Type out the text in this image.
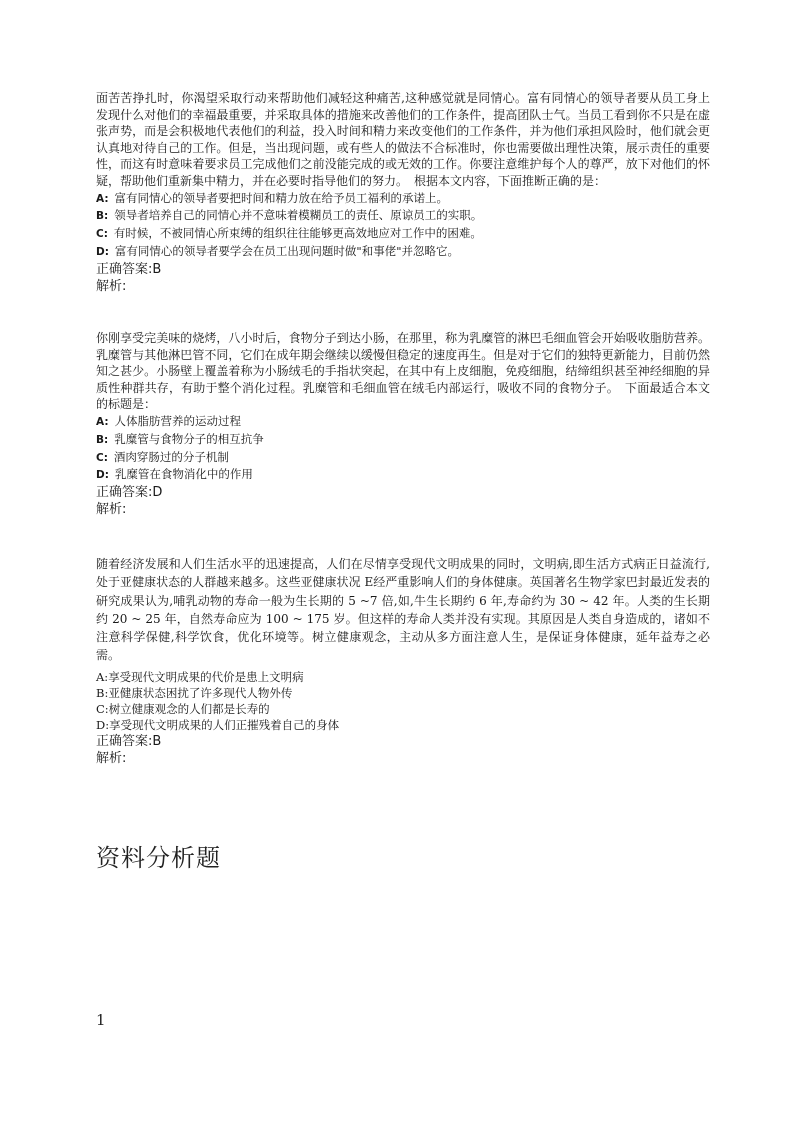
面苦苦挣扎时，你渴望采取行动来帮助他们减轻这种痛苦,这种感觉就是同情心。富有同情心的领导者要从员工身上发现什么对他们的幸福最重要，并采取具体的措施来改善他们的工作条件，提高团队士气。当员工看到你不只是在虚张声势，而是会积极地代表他们的利益，投入时间和精力来改变他们的工作条件，并为他们承担风险时，他们就会更认真地对待自己的工作。但是，当出现问题，或有些人的做法不合标准时，你也需要做出理性决策，展示责任的重要性，而这有时意味着要求员工完成他们之前没能完成的或无效的工作。你要注意维护每个人的尊严，放下对他们的怀疑，帮助他们重新集中精力，并在必要时指导他们的努力。　根据本文内容，下面推断正确的是：

A: 富有同情心的领导者要把时间和精力放在给予员工福利的承诺上。
B: 领导者培养自己的同情心并不意味着模糊员工的责任、原谅员工的实职。
C: 有时候，不被同情心所束缚的组织往往能够更高效地应对工作中的困难。
D: 富有同情心的领导者要学会在员工出现问题时做"和事佬"并忽略它。

正确答案:B

解析:

你刚享受完美味的烧烤，八小时后，食物分子到达小肠，在那里，称为乳糜管的淋巴毛细血管会开始吸收脂肪营养。乳糜管与其他淋巴管不同，它们在成年期会继续以缓慢但稳定的速度再生。但是对于它们的独特更新能力，目前仍然知之甚少。小肠壁上覆盖着称为小肠绒毛的手指状突起，在其中有上皮细胞，免疫细胞，结缔组织甚至神经细胞的异质性种群共存，有助于整个消化过程。乳糜管和毛细血管在绒毛内部运行，吸收不同的食物分子。　下面最适合本文的标题是：

A: 人体脂肪营养的运动过程
B: 乳糜管与食物分子的相互抗争
C: 酒肉穿肠过的分子机制
D: 乳糜管在食物消化中的作用

正确答案:D

解析:

随着经济发展和人们生活水平的迅速提高，人们在尽情享受现代文明成果的同时，文明病,即生活方式病正日益流行,处于亚健康状态的人群越来越多。这些亚健康状况 E经严重影响人们的身体健康。英国著名生物学家巴封最近发表的研究成果认为,哺乳动物的寿命一般为生长期的 5 ~7 倍,如,牛生长期约 6 年,寿命约为 30 ~ 42 年。人类的生长期约 20 ~ 25 年，自然寿命应为 100 ~ 175 岁。但这样的寿命人类并没有实现。其原因是人类自身造成的，诸如不注意科学保健,科学饮食，优化环境等。树立健康观念，主动从多方面注意人生，是保证身体健康，延年益寿之必需。

A:享受现代文明成果的代价是患上文明病
B:亚健康状态困扰了许多现代人物外传
C:树立健康观念的人们都是长寿的
D:享受现代文明成果的人们正摧残着自己的身体

正确答案:B

解析:

资料分析题

1
